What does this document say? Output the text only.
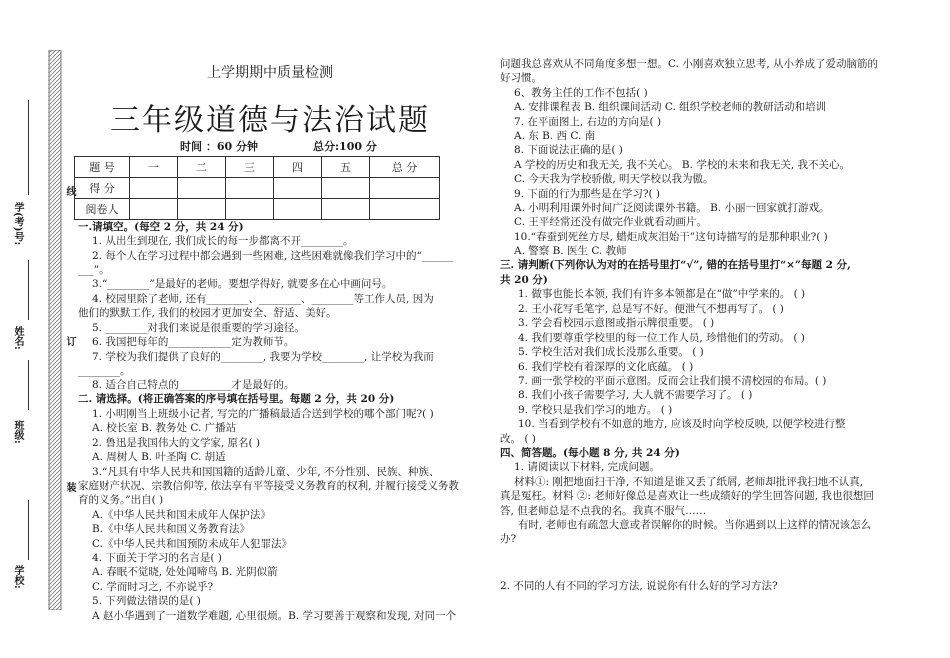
学校:
班级:
姓名:
学(考)号:
装
订
线
上学期期中质量检测
三年级道德与法治试题
时间 ：60 分钟	总分:100 分
题 号	一	二	三	四	五	总 分
得 分						
阅卷人						
一.请填空。(每空 2 分，共 24 分)
1. 从出生到现在, 我们成长的每一步都离不开________。
2. 每个人在学习过程中都会遇到一些困难, 这些困难就像我们学习中的“______
___”。
3.“________”是最好的老师。要想学得好, 就要多在心中画问号。
4. 校园里除了老师, 还有________、________、________等工作人员, 因为
他们的默默工作, 我们的校园才更加安全、舒适、美好。
5. ________对我们来说是很重要的学习途径。
6. 我国把每年的____________定为教师节。
7. 学校为我们提供了良好的________, 我要为学校________, 让学校为我而
________。
8. 适合自己特点的__________才是最好的。
二. 请选择。(将正确答案的序号填在括号里。每题 2 分，共 20 分)
1. 小明刚当上班级小记者, 写完的广播稿最适合送到学校的哪个部门呢?( )
A. 校长室 B. 教务处 C. 广播站
2. 鲁迅是我国伟大的文学家, 原名( )
A. 周树人 B. 叶圣陶 C. 胡适
3.“凡具有中华人民共和国国籍的适龄儿童、少年, 不分性别、民族、种族、
家庭财产状况、宗教信仰等, 依法享有平等接受义务教育的权利, 并履行接受义务教
育的义务。”出自( )
A.《中华人民共和国未成年人保护法》
B.《中华人民共和国义务教育法》
C.《中华人民共和国预防未成年人犯罪法》
4. 下面关于学习的名言是( )
A. 春眠不觉晓, 处处闻啼鸟 B. 光阴似箭
C. 学而时习之, 不亦说乎?
5. 下列做法错误的是( )
A 赵小华遇到了一道数学难题, 心里很烦。B. 学习要善于观察和发现, 对同一个
问题我总喜欢从不同角度多想一想。C. 小刚喜欢独立思考, 从小养成了爱动脑筋的
好习惯。
6、教务主任的工作不包括( )
A. 安排课程表 B. 组织课间活动 C. 组织学校老师的教研活动和培训
7. 在平面图上, 右边的方向是( )
A. 东 B. 西 C. 南
8. 下面说法正确的是( )
A 学校的历史和我无关, 我不关心。 B. 学校的未来和我无关, 我不关心。
C. 今天我为学校骄傲, 明天学校以我为傲。
9. 下面的行为那些是在学习?( )
A. 小明利用课外时间广泛阅读课外书籍。 B. 小丽一回家就打游戏。
C. 王平经常还没有做完作业就看动画片。
10.“春蚕到死丝方尽, 蜡炬成灰泪始干”这句诗描写的是那种职业?( )
A. 警察 B. 医生 C. 教师
三. 请判断(下列你认为对的在括号里打“√”, 错的在括号里打“×”每题 2 分,
共 20 分)
1. 做事也能长本领, 我们有许多本领都是在“做”中学来的。 ( )
2. 王小花写毛笔字, 总是写不好。便泄气不想再写了。 ( )
3. 学会看校园示意图或指示牌很重要。 ( )
4. 我们要尊重学校里的每一位工作人员, 珍惜他们的劳动。 ( )
5. 学校生活对我们成长没那么重要。 ( )
6. 我们学校有着深厚的文化底蕴。 ( )
7. 画一张学校的平面示意图。反而会让我们摸不清校园的布局。( )
8. 我们小孩子需要学习, 大人就不需要学习了。 ( )
9. 学校只是我们学习的地方。 ( )
10. 当看到学校有不如意的地方, 应该及时向学校反映, 以便学校进行整
改。 ( )
四、简答题。(每小题 8 分, 共 24 分)
1. 请阅读以下材料, 完成问题。
材料①: 刚把地面扫干净, 不知道是谁又丢了纸屑, 老师却批评我扫地不认真,
真是冤枉。材料 ②: 老师好像总是喜欢让一些成绩好的学生回答问题, 我也很想回
答, 但老师总是不点我的名。我真不服气……
有时, 老师也有疏忽大意或者误解你的时候。当你遇到以上这样的情况该怎么
办?
2. 不同的人有不同的学习方法, 说说你有什么好的学习方法?
